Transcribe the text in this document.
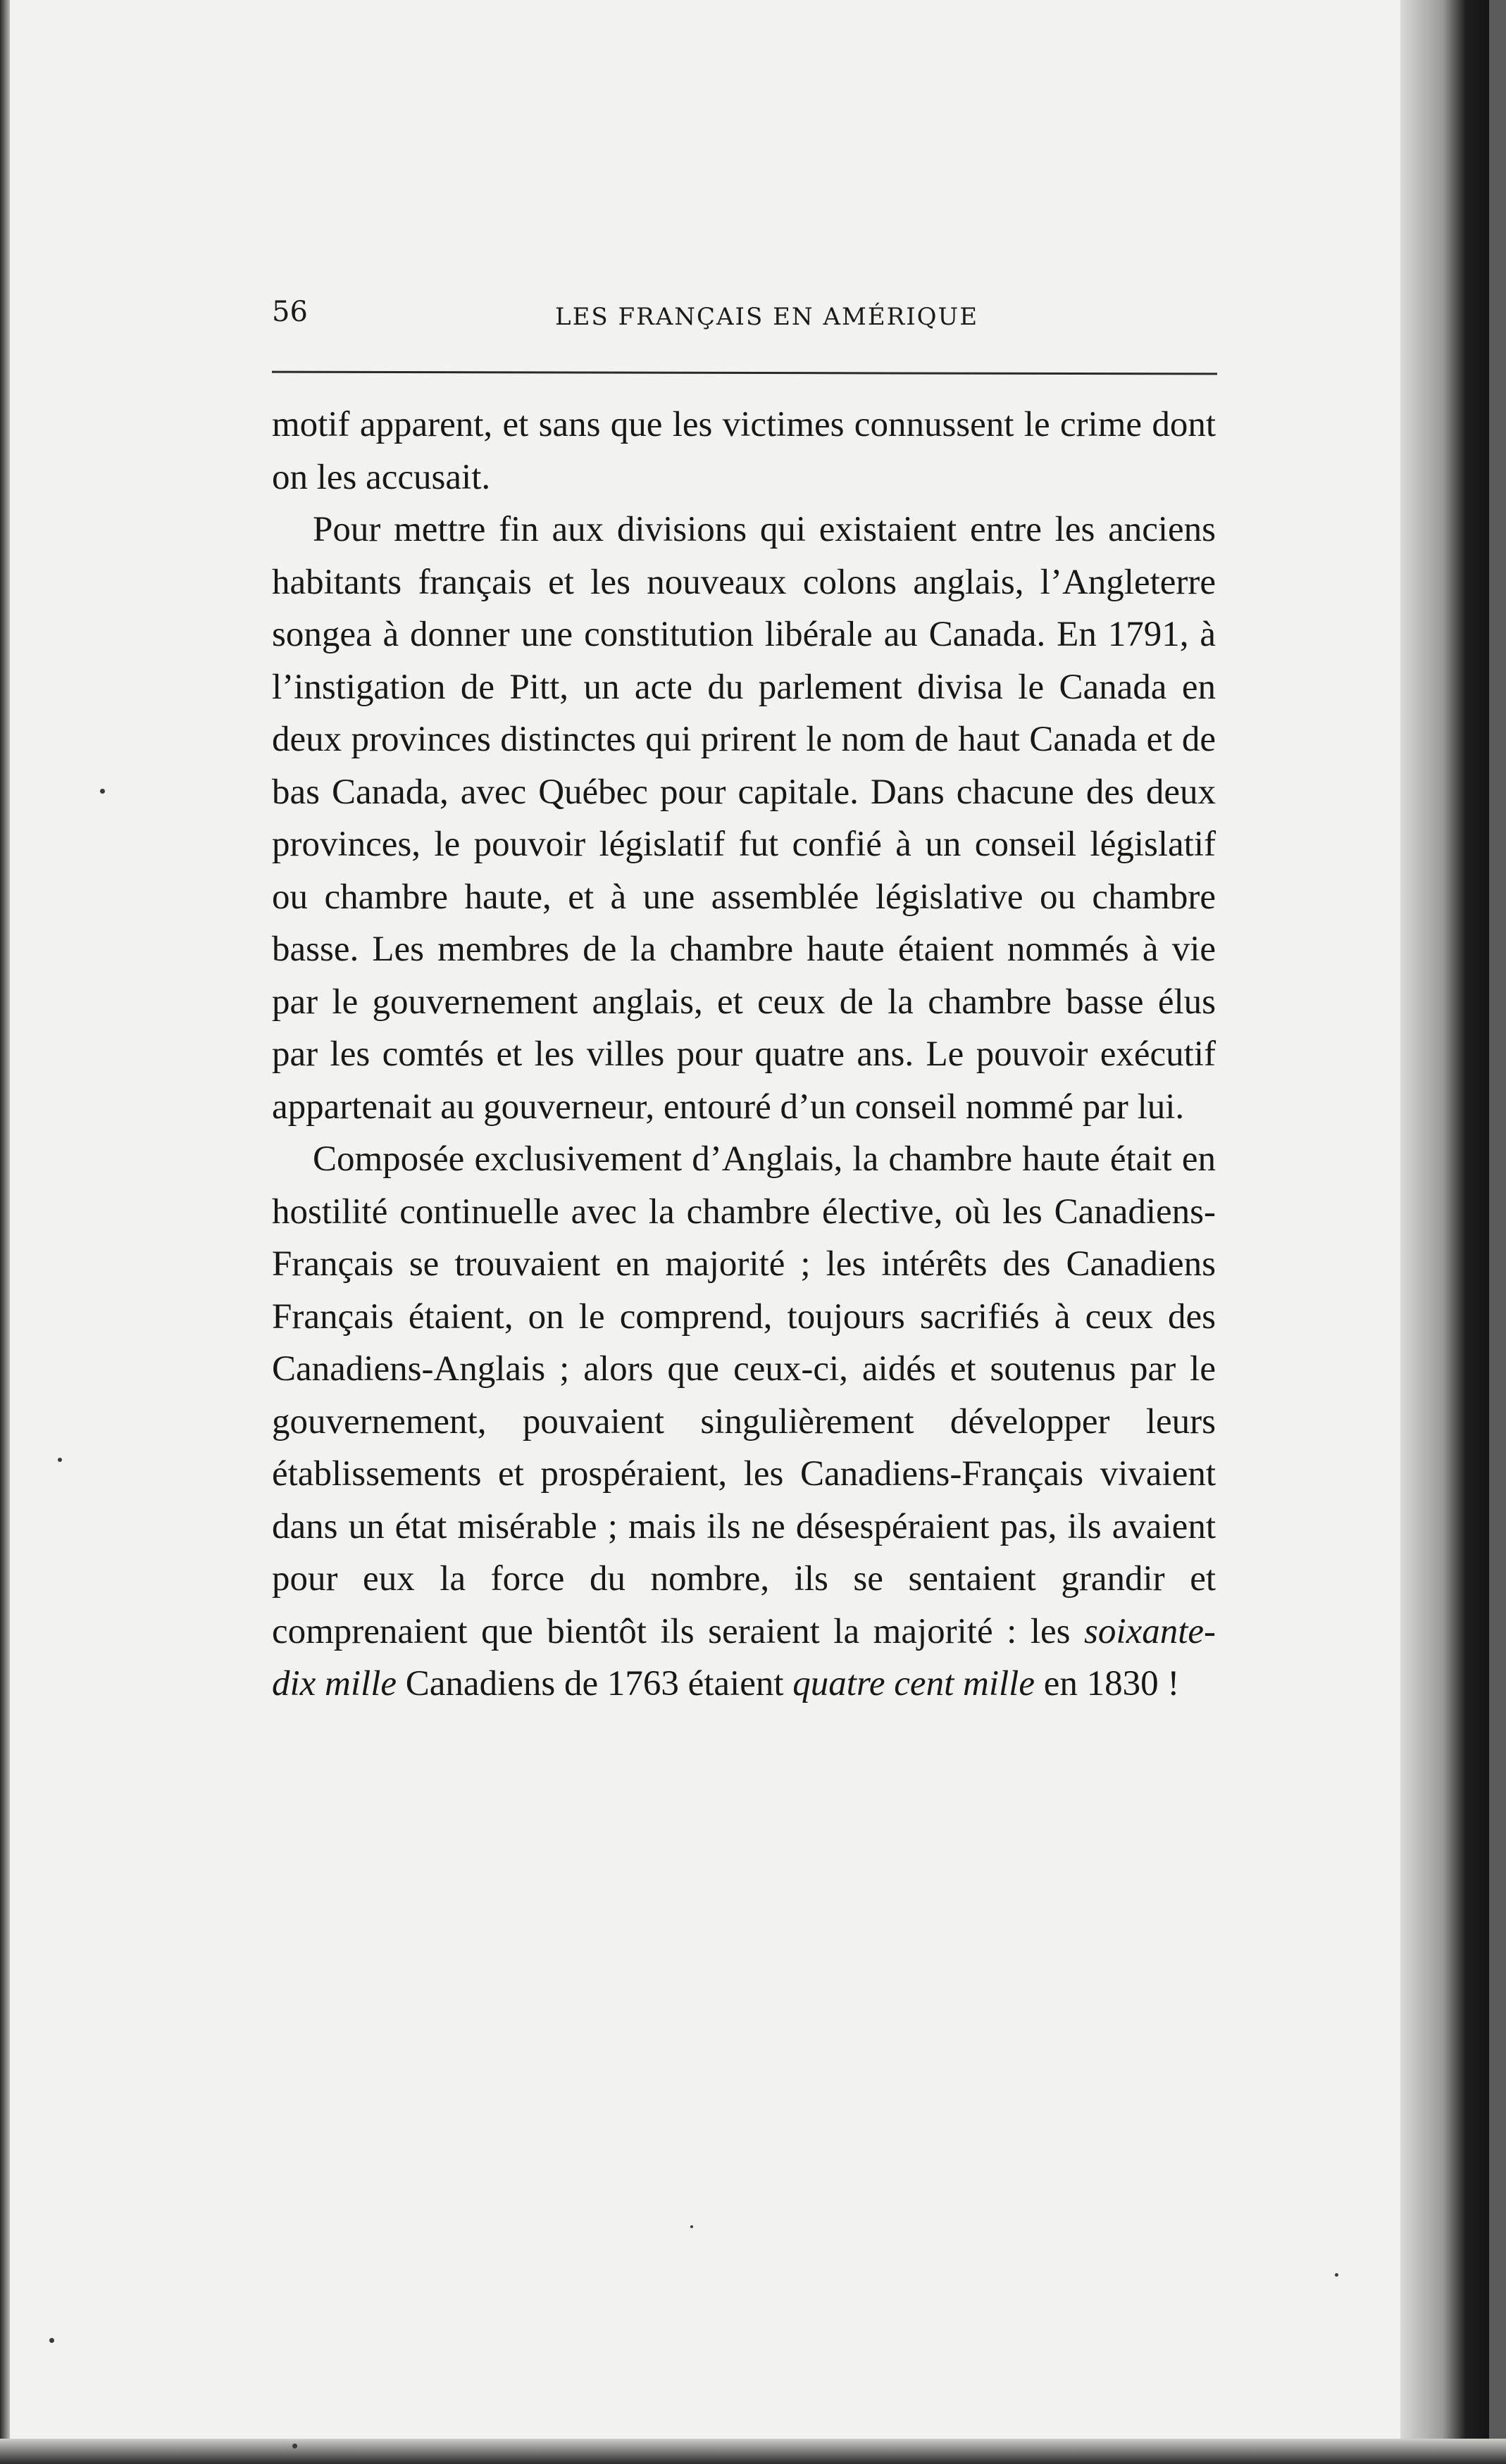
56	LES FRANÇAIS EN AMÉRIQUE

motif apparent, et sans que les victimes connussent le crime dont on les accusait.

Pour mettre fin aux divisions qui existaient entre les anciens habitants français et les nouveaux colons anglais, l’Angleterre songea à donner une constitution libérale au Canada. En 1791, à l’instigation de Pitt, un acte du parlement divisa le Canada en deux provinces distinctes qui prirent le nom de haut Canada et de bas Canada, avec Québec pour capitale. Dans chacune des deux provinces, le pouvoir législatif fut confié à un conseil législatif ou chambre haute, et à une assemblée législative ou chambre basse. Les membres de la chambre haute étaient nommés à vie par le gouvernement anglais, et ceux de la chambre basse élus par les comtés et les villes pour quatre ans. Le pouvoir exécutif appartenait au gouverneur, entouré d’un conseil nommé par lui.

Composée exclusivement d’Anglais, la chambre haute était en hostilité continuelle avec la chambre élective, où les Canadiens-Français se trouvaient en majorité ; les intérêts des Canadiens Français étaient, on le comprend, toujours sacrifiés à ceux des Canadiens-Anglais ; alors que ceux-ci, aidés et soutenus par le gouvernement, pouvaient singulièrement développer leurs établissements et prospéraient, les Canadiens-Français vivaient dans un état misérable ; mais ils ne désespéraient pas, ils avaient pour eux la force du nombre, ils se sentaient grandir et comprenaient que bientôt ils seraient la majorité : les soixante-dix mille Canadiens de 1763 étaient quatre cent mille en 1830 !
